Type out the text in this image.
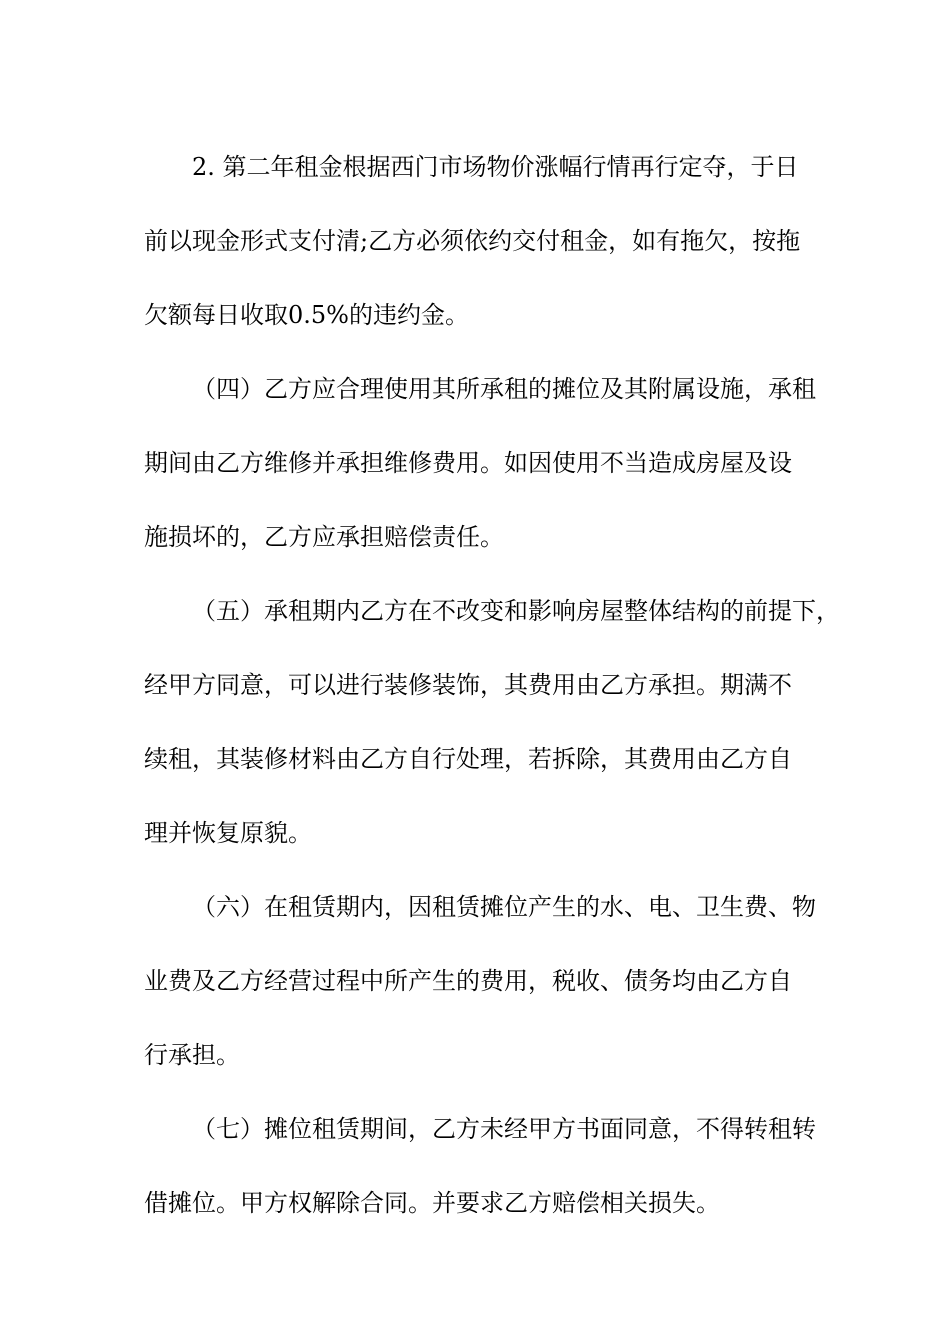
2. 第二年租金根据西门市场物价涨幅行情再行定夺，于日
前以现金形式支付清;乙方必须依约交付租金，如有拖欠，按拖
欠额每日收取0.5%的违约金。

（四）乙方应合理使用其所承租的摊位及其附属设施，承租
期间由乙方维修并承担维修费用。如因使用不当造成房屋及设
施损坏的，乙方应承担赔偿责任。

（五）承租期内乙方在不改变和影响房屋整体结构的前提下，
经甲方同意，可以进行装修装饰，其费用由乙方承担。期满不
续租，其装修材料由乙方自行处理，若拆除，其费用由乙方自
理并恢复原貌。

（六）在租赁期内，因租赁摊位产生的水、电、卫生费、物
业费及乙方经营过程中所产生的费用，税收、债务均由乙方自
行承担。

（七）摊位租赁期间，乙方未经甲方书面同意，不得转租转
借摊位。甲方权解除合同。并要求乙方赔偿相关损失。
